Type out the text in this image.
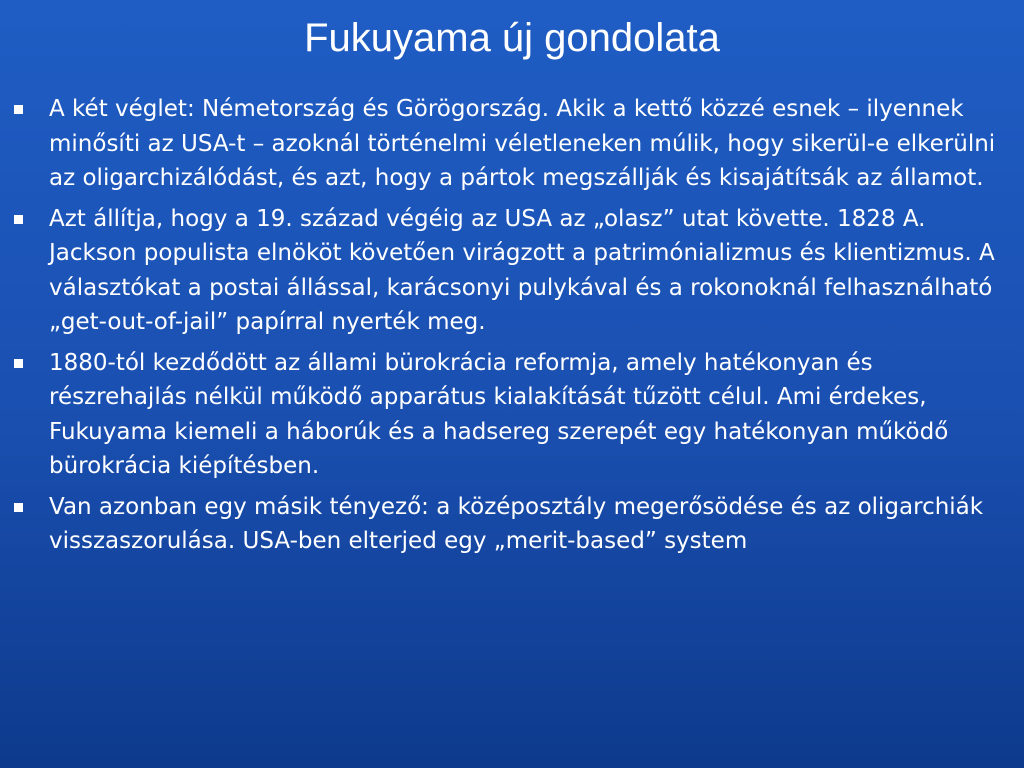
Fukuyama új gondolata
A két véglet: Németország és Görögország. Akik a kettő közzé esnek – ilyennek minősíti az USA-t – azoknál történelmi véletleneken múlik, hogy sikerül-e elkerülni az oligarchizálódást, és azt, hogy a pártok megszállják és kisajátítsák az államot.
Azt állítja, hogy a 19. század végéig az USA az „olasz” utat követte. 1828 A. Jackson populista elnököt követően virágzott a patrimónializmus és klientizmus. A választókat a postai állással, karácsonyi pulykával és a rokonoknál felhasználható „get-out-of-jail” papírral nyerték meg.
1880-tól kezdődött az állami bürokrácia reformja, amely hatékonyan és részrehajlás nélkül működő apparátus kialakítását tűzött célul. Ami érdekes, Fukuyama kiemeli a háborúk és a hadsereg szerepét egy hatékonyan működő bürokrácia kiépítésben.
Van azonban egy másik tényező: a középosztály megerősödése és az oligarchiák visszaszorulása. USA-ben elterjed egy „merit-based” system
